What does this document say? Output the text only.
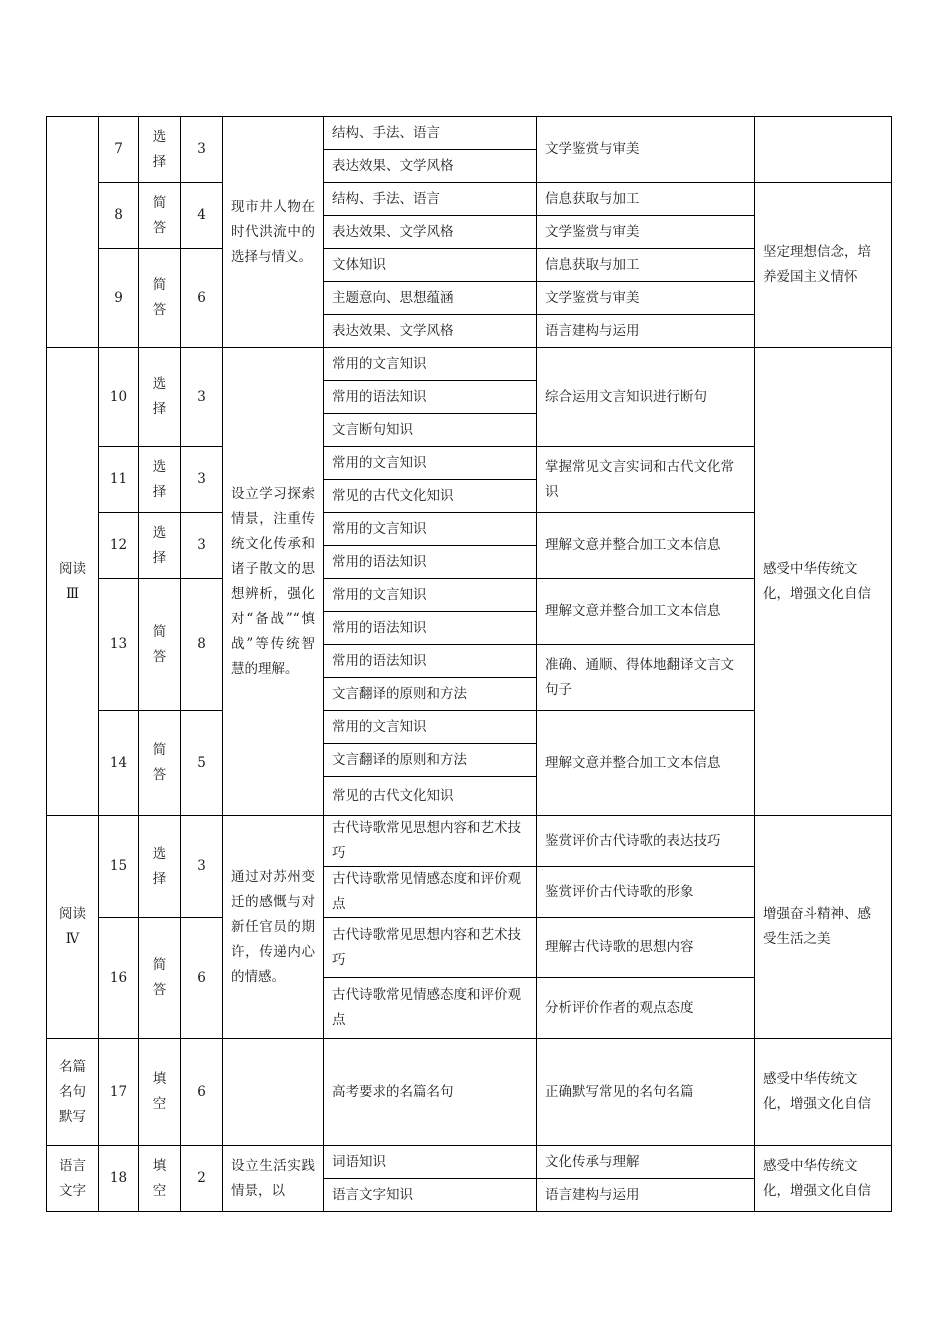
	7	选择	3	现市井人物在时代洪流中的选择与情义。	结构、手法、语言	文学鉴赏与审美	
					表达效果、文学风格		
	8	简答	4		结构、手法、语言	信息获取与加工	坚定理想信念，培养爱国主义情怀
					表达效果、文学风格	文学鉴赏与审美	
	9	简答	6		文体知识	信息获取与加工	
					主题意向、思想蕴涵	文学鉴赏与审美	
					表达效果、文学风格	语言建构与运用	
阅读Ⅲ	10	选择	3	设立学习探索情景，注重传统文化传承和诸子散文的思想辨析，强化对“备战”“慎战”等传统智慧的理解。	常用的文言知识	综合运用文言知识进行断句	感受中华传统文化，增强文化自信
					常用的语法知识		
					文言断句知识		
	11	选择	3		常用的文言知识	掌握常见文言实词和古代文化常识	
					常见的古代文化知识		
	12	选择	3		常用的文言知识	理解文意并整合加工文本信息	
					常用的语法知识		
	13	简答	8		常用的文言知识	理解文意并整合加工文本信息	
					常用的语法知识		
					常用的语法知识	准确、通顺、得体地翻译文言文句子	
					文言翻译的原则和方法		
	14	简答	5		常用的文言知识	理解文意并整合加工文本信息	
					文言翻译的原则和方法		
					常见的古代文化知识		
阅读Ⅳ	15	选择	3	通过对苏州变迁的感慨与对新任官员的期许，传递内心的情感。	古代诗歌常见思想内容和艺术技巧	鉴赏评价古代诗歌的表达技巧	增强奋斗精神、感受生活之美
					古代诗歌常见情感态度和评价观点	鉴赏评价古代诗歌的形象	
	16	简答	6		古代诗歌常见思想内容和艺术技巧	理解古代诗歌的思想内容	
					古代诗歌常见情感态度和评价观点	分析评价作者的观点态度	
名篇名句默写	17	填空	6		高考要求的名篇名句	正确默写常见的名句名篇	感受中华传统文化，增强文化自信
语言文字	18	填空	2	设立生活实践情景，以	词语知识	文化传承与理解	感受中华传统文化，增强文化自信
					语言文字知识	语言建构与运用	
